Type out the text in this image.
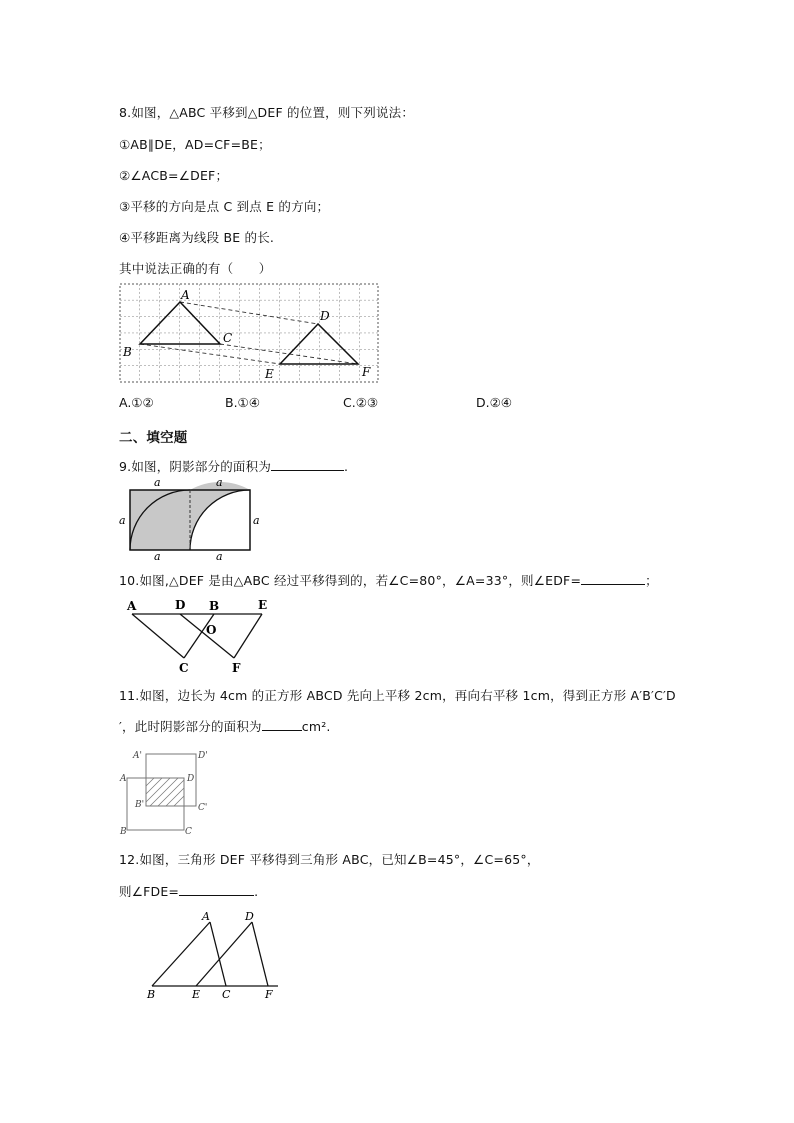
8.如图，△ABC 平移到△DEF 的位置，则下列说法：
①AB∥DE，AD=CF=BE；
②∠ACB=∠DEF；
③平移的方向是点 C 到点 E 的方向；
④平移距离为线段 BE 的长.
其中说法正确的有（　　）
A
B
C
D
E	F
A.①②	B.①④	C.②③	D.②④
二、填空题
9.如图，阴影部分的面积为	.
a	a
a	a
a	a
10.如图,△DEF 是由△ABC 经过平移得到的，若∠C=80°，∠A=33°，则∠EDF=	；
A	D B	E
O
C	F
11.如图，边长为 4cm 的正方形 ABCD 先向上平移 2cm，再向右平移 1cm，得到正方形 A′B′C′D
′，此时阴影部分的面积为	cm².
A'	D'
A	D
B'	C'
B	C
12.如图，三角形 DEF 平移得到三角形 ABC，已知∠B=45°，∠C=65°，
则∠FDE=	.
A	D
B	E C	F
